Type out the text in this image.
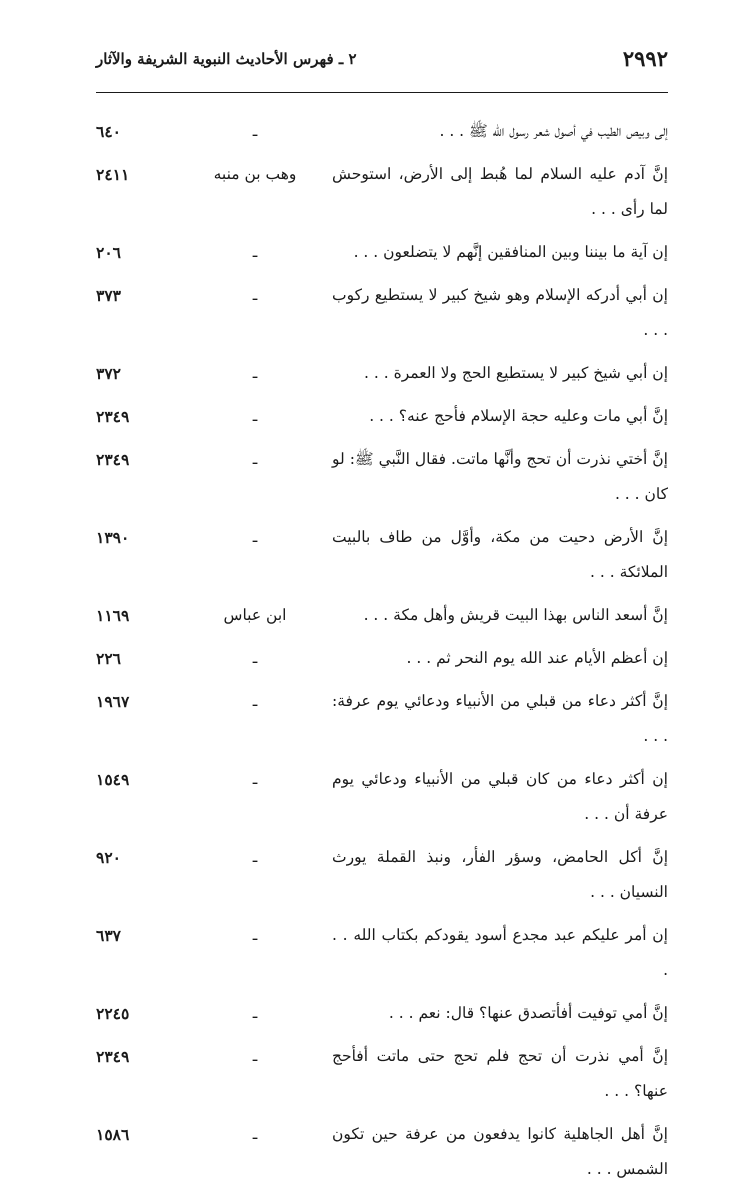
٢٩٩٢
٢ ـ فهرس الأحاديث النبوية الشريفة والآثار
إلى وبيص الطيب في أصول شعر رسول الله ﷺ . . .
ـ
٦٤٠
إنَّ آدم عليه السلام لما هُبط إلى الأرض، استوحش لما رأى . . .
وهب بن منبه
٢٤١١
إن آية ما بيننا وبين المنافقين إنَّهم لا يتضلعون . . .
ـ
٢٠٦
إن أبي أدركه الإسلام وهو شيخ كبير لا يستطيع ركوب . . .
ـ
٣٧٣
إن أبي شيخ كبير لا يستطيع الحج ولا العمرة . . .
ـ
٣٧٢
إنَّ أبي مات وعليه حجة الإسلام فأحج عنه؟ . . .
ـ
٢٣٤٩
إنَّ أختي نذرت أن تحج وأنَّها ماتت. فقال النَّبي ﷺ: لو كان . . .
ـ
٢٣٤٩
إنَّ الأرض دحيت من مكة، وأوَّل من طاف بالبيت الملائكة . . .
ـ
١٣٩٠
إنَّ أسعد الناس بهذا البيت قريش وأهل مكة . . .
ابن عباس
١١٦٩
إن أعظم الأيام عند الله يوم النحر ثم . . .
ـ
٢٢٦
إنَّ أكثر دعاء من قبلي من الأنبياء ودعائي يوم عرفة: . . .
ـ
١٩٦٧
إن أكثر دعاء من كان قبلي من الأنبياء ودعائي يوم عرفة أن . . .
ـ
١٥٤٩
إنَّ أكل الحامض، وسؤر الفأر، ونبذ القملة يورث النسيان . . .
ـ
٩٢٠
إن أمر عليكم عبد مجدع أسود يقودكم بكتاب الله . . .
ـ
٦٣٧
إنَّ أمي توفيت أفأتصدق عنها؟ قال: نعم . . .
ـ
٢٢٤٥
إنَّ أمي نذرت أن تحج فلم تحج حتى ماتت أفأحج عنها؟ . . .
ـ
٢٣٤٩
إنَّ أهل الجاهلية كانوا يدفعون من عرفة حين تكون الشمس . . .
ـ
١٥٨٦
